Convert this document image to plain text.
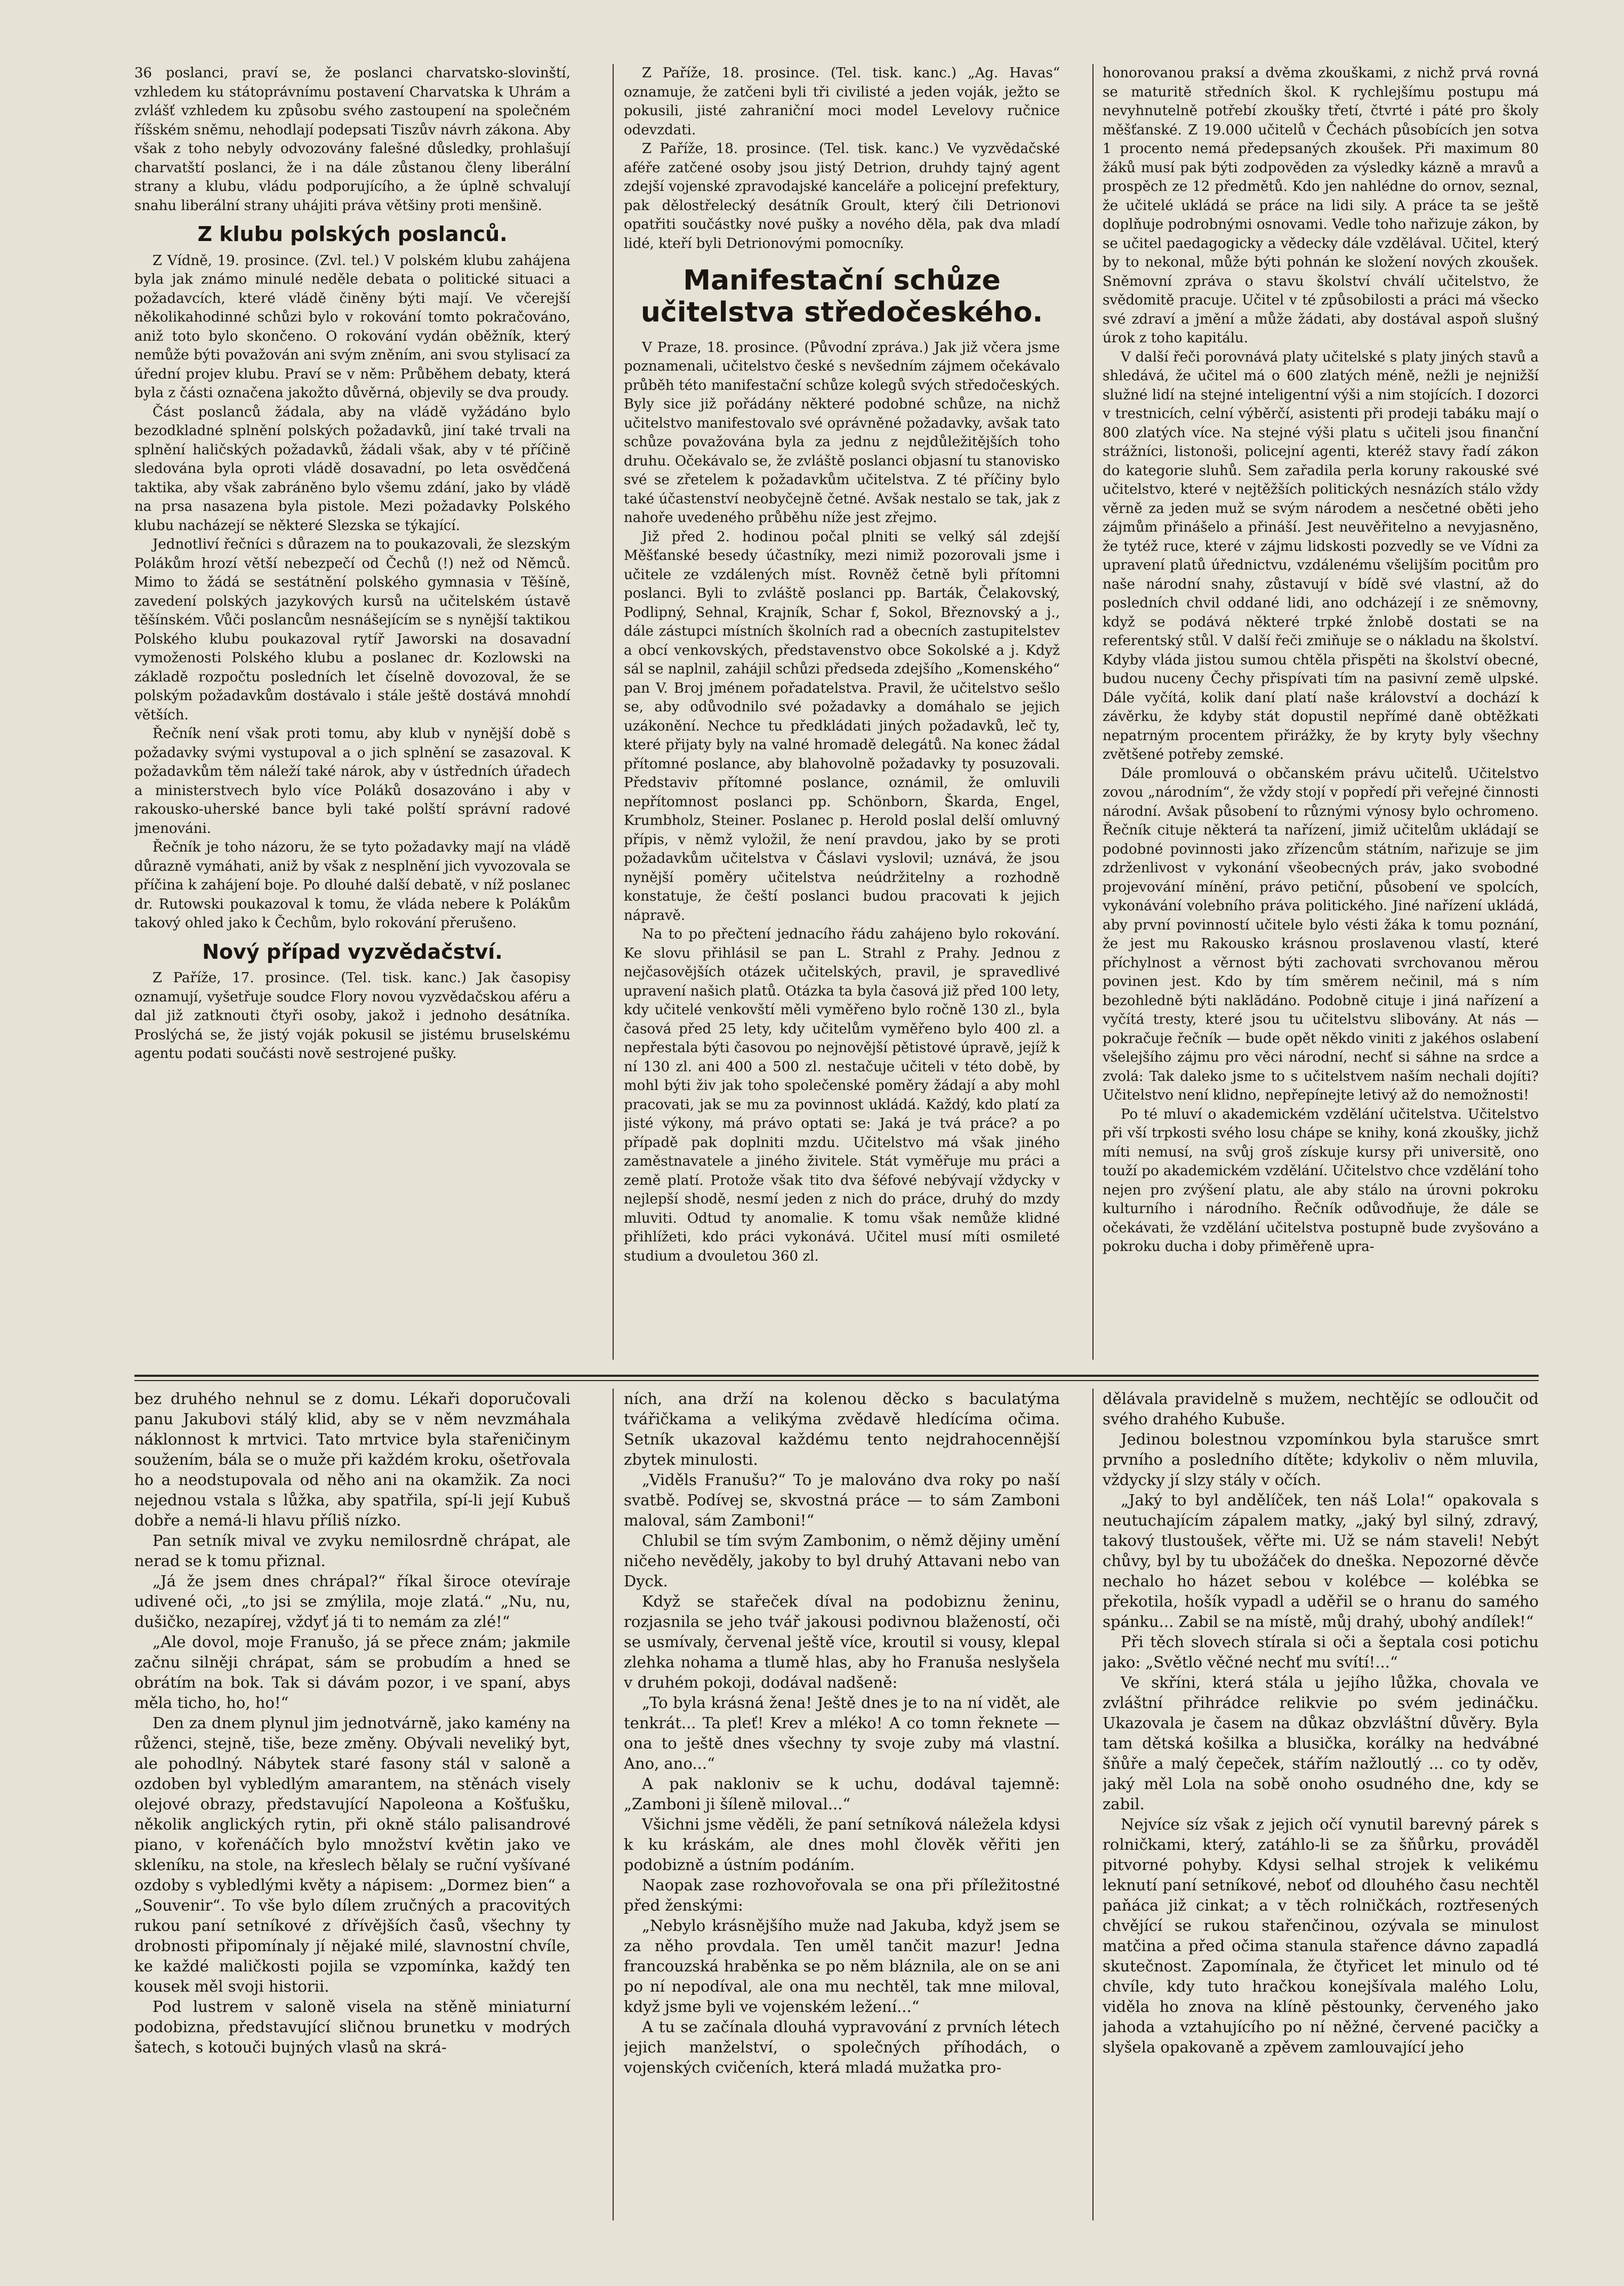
36 poslanci, praví se, že poslanci charvatsko-slovinští, vzhledem ku státoprávnímu postavení Charvatska k Uhrám a zvlášť vzhledem ku způsobu svého zastoupení na společném říšském sněmu, nehodlají podepsati Tiszův návrh zákona. Aby však z toho nebyly odvozovány falešné důsledky, prohlašují charvatští poslanci, že i na dále zůstanou členy liberální strany a klubu, vládu podporujícího, a že úplně schvalují snahu liberální strany uhájiti práva většiny proti menšině.

Z klubu polských poslanců.

Z Vídně, 19. prosince. (Zvl. tel.) V polském klubu zahájena byla jak známo minulé neděle debata o politické situaci a požadavcích, které vládě činěny býti mají. Ve včerejší několikahodinné schůzi bylo v rokování tomto pokračováno, aniž toto bylo skončeno. O rokování vydán oběžník, který nemůže býti považován ani svým zněním, ani svou stylisací za úřední projev klubu. Praví se v něm: Průběhem debaty, která byla z části označena jakožto důvěrná, objevily se dva proudy.

Část poslanců žádala, aby na vládě vyžádáno bylo bezodkladné splnění polských požadavků, jiní také trvali na splnění haličských požadavků, žádali však, aby v té příčině sledována byla oproti vládě dosavadní, po leta osvědčená taktika, aby však zabráněno bylo všemu zdání, jako by vládě na prsa nasazena byla pistole. Mezi požadavky Polského klubu nacházejí se některé Slezska se týkající.

Jednotliví řečníci s důrazem na to poukazovali, že slezským Polákům hrozí větší nebezpečí od Čechů (!) než od Němců. Mimo to žádá se sestátnění polského gymnasia v Těšíně, zavedení polských jazykových kursů na učitelském ústavě těšínském. Vůči poslancům nesnášejícím se s nynější taktikou Polského klubu poukazoval rytíř Jaworski na dosavadní vymoženosti Polského klubu a poslanec dr. Kozlowski na základě rozpočtu posledních let číselně dovozoval, že se polským požadavkům dostávalo i stále ještě dostává mnohdí větších.

Řečník není však proti tomu, aby klub v nynější době s požadavky svými vystupoval a o jich splnění se zasazoval. K požadavkům těm náleží také nárok, aby v ústředních úřadech a ministerstvech bylo více Poláků dosazováno i aby v rakousko-uherské bance byli také polští správní radové jmenováni.

Řečník je toho názoru, že se tyto požadavky mají na vládě důrazně vymáhati, aniž by však z nesplnění jich vyvozovala se příčina k zahájení boje. Po dlouhé další debatě, v níž poslanec dr. Rutowski poukazoval k tomu, že vláda nebere k Polákům takový ohled jako k Čechům, bylo rokování přerušeno.

Nový případ vyzvědačství.

Z Paříže, 17. prosince. (Tel. tisk. kanc.) Jak časopisy oznamují, vyšetřuje soudce Flory novou vyzvědačskou aféru a dal již zatknouti čtyři osoby, jakož i jednoho desátníka. Proslýchá se, že jistý voják pokusil se jistému bruselskému agentu podati součásti nově sestrojené pušky.

Z Paříže, 18. prosince. (Tel. tisk. kanc.) „Ag. Havas“ oznamuje, že zatčeni byli tři civilisté a jeden voják, ježto se pokusili, jisté zahraniční moci model Levelovy ručnice odevzdati.

Z Paříže, 18. prosince. (Tel. tisk. kanc.) Ve vyzvědačské aféře zatčené osoby jsou jistý Detrion, druhdy tajný agent zdejší vojenské zpravodajské kanceláře a policejní prefektury, pak dělostřelecký desátník Groult, který čili Detrionovi opatřiti součástky nové pušky a nového děla, pak dva mladí lidé, kteří byli Detrionovými pomocníky.

Manifestační schůze učitelstva středočeského.

V Praze, 18. prosince. (Původní zpráva.) Jak již včera jsme poznamenali, učitelstvo české s nevšedním zájmem očekávalo průběh této manifestační schůze kolegů svých středočeských. Byly sice již pořádány některé podobné schůze, na nichž učitelstvo manifestovalo své oprávněné požadavky, avšak tato schůze považována byla za jednu z nejdůležitějších toho druhu. Očekávalo se, že zvláště poslanci objasní tu stanovisko své se zřetelem k požadavkům učitelstva. Z té příčiny bylo také účastenství neobyčejně četné. Avšak nestalo se tak, jak z nahoře uvedeného průběhu níže jest zřejmo.

Již před 2. hodinou počal plniti se velký sál zdejší Měšťanské besedy účastníky, mezi nimiž pozorovali jsme i učitele ze vzdálených míst. Rovněž četně byli přítomni poslanci. Byli to zvláště poslanci pp. Barták, Čelakovský, Podlipný, Sehnal, Krajník, Schar f, Sokol, Březnovský a j., dále zástupci místních školních rad a obecních zastupitelstev a obcí venkovských, představenstvo obce Sokolské a j. Když sál se naplnil, zahájil schůzi předseda zdejšího „Komenského“ pan V. Broj jménem pořadatelstva. Pravil, že učitelstvo sešlo se, aby odůvodnilo své požadavky a domáhalo se jejich uzákonění. Nechce tu předkládati jiných požadavků, leč ty, které přijaty byly na valné hromadě delegátů. Na konec žádal přítomné poslance, aby blahovolně požadavky ty posuzovali. Představiv přítomné poslance, oznámil, že omluvili nepřítomnost poslanci pp. Schönborn, Škarda, Engel, Krumbholz, Steiner. Poslanec p. Herold poslal delší omluvný přípis, v němž vyložil, že není pravdou, jako by se proti požadavkům učitelstva v Čáslavi vyslovil; uznává, že jsou nynější poměry učitelstva neúdržitelny a rozhodně konstatuje, že čeští poslanci budou pracovati k jejich nápravě.

Na to po přečtení jednacího řádu zahájeno bylo rokování. Ke slovu přihlásil se pan L. Strahl z Prahy. Jednou z nejčasovějších otázek učitelských, pravil, je spravedlivé upravení našich platů. Otázka ta byla časová již před 100 lety, kdy učitelé venkovští měli vyměřeno bylo ročně 130 zl., byla časová před 25 lety, kdy učitelům vyměřeno bylo 400 zl. a nepřestala býti časovou po nejnovější pětistové úpravě, jejíž k ní 130 zl. ani 400 a 500 zl. nestačuje učiteli v této době, by mohl býti živ jak toho společenské poměry žádají a aby mohl pracovati, jak se mu za povinnost ukládá. Každý, kdo platí za jisté výkony, má právo optati se: Jaká je tvá práce? a po případě pak doplniti mzdu. Učitelstvo má však jiného zaměstnavatele a jiného živitele. Stát vyměřuje mu práci a země platí. Protože však tito dva šéfové nebývají vždycky v nejlepší shodě, nesmí jeden z nich do práce, druhý do mzdy mluviti. Odtud ty anomalie. K tomu však nemůže klidné přihlížeti, kdo práci vykonává. Učitel musí míti osmileté studium a dvouletou 360 zl.

honorovanou praksí a dvěma zkouškami, z nichž prvá rovná se maturitě středních škol. K rychlejšímu postupu má nevyhnutelně potřebí zkoušky třetí, čtvrté i páté pro školy měšťanské. Z 19.000 učitelů v Čechách působících jen sotva 1 procento nemá předepsaných zkoušek. Při maximum 80 žáků musí pak býti zodpověden za výsledky kázně a mravů a prospěch ze 12 předmětů. Kdo jen nahlédne do ornov, seznal, že učitelé ukládá se práce na lidi sily. A práce ta se ještě doplňuje podrobnými osnovami. Vedle toho nařizuje zákon, by se učitel paedagogicky a vědecky dále vzdělával. Učitel, který by to nekonal, může býti pohnán ke složení nových zkoušek. Sněmovní zpráva o stavu školství chválí učitelstvo, že svědomitě pracuje. Učitel v té způsobilosti a práci má všecko své zdraví a jmění a může žádati, aby dostával aspoň slušný úrok z toho kapitálu.

V další řeči porovnává platy učitelské s platy jiných stavů a shledává, že učitel má o 600 zlatých méně, nežli je nejnižší služné lidí na stejné inteligentní výši a nim stojících. I dozorci v trestnicích, celní výběrčí, asistenti při prodeji tabáku mají o 800 zlatých více. Na stejné výši platu s učiteli jsou finanční strážníci, listonoši, policejní agenti, kteréž stavy řadí zákon do kategorie sluhů. Sem zařadila perla koruny rakouské své učitelstvo, které v nejtěžších politických nesnázích stálo vždy věrně za jeden muž se svým národem a nesčetné oběti jeho zájmům přinášelo a přináší. Jest neuvěřitelno a nevyjasněno, že tytéž ruce, které v zájmu lidskosti pozvedly se ve Vídni za upravení platů úřednictvu, vzdálenému všelijším pocitům pro naše národní snahy, zůstavují v bídě své vlastní, až do posledních chvil oddané lidi, ano odcházejí i ze sněmovny, když se podává některé trpké žnlobě dostati se na referentský stůl. V další řeči zmiňuje se o nákladu na školství. Kdyby vláda jistou sumou chtěla přispěti na školství obecné, budou nuceny Čechy přispívati tím na pasivní země ulpské. Dále vyčítá, kolik daní platí naše království a dochází k závěrku, že kdyby stát dopustil nepřímé daně obtěžkati nepatrným procentem přirážky, že by kryty byly všechny zvětšené potřeby zemské.

Dále promlouvá o občanském právu učitelů. Učitelstvo zovou „národním“, že vždy stojí v popředí při veřejné činnosti národní. Avšak působení to různými výnosy bylo ochromeno. Řečník cituje některá ta nařízení, jimiž učitelům ukládají se podobné povinnosti jako zřízencům státním, nařizuje se jim zdrženlivost v vykonání všeobecných práv, jako svobodné projevování mínění, právo petiční, působení ve spolcích, vykonávání volebního práva politického. Jiné nařízení ukládá, aby první povinností učitele bylo vésti žáka k tomu poznání, že jest mu Rakousko krásnou proslavenou vlastí, které příchylnost a věrnost býti zachovati svrchovanou měrou povinen jest. Kdo by tím směrem nečinil, má s ním bezohledně býti naklădáno. Podobně cituje i jiná nařízení a vyčítá tresty, které jsou tu učitelstvu slibovány. At nás — pokračuje řečník — bude opět někdo viniti z jakéhos oslabení všelejšího zájmu pro věci národní, nechť si sáhne na srdce a zvolá: Tak daleko jsme to s učitelstvem naším nechali dojíti? Učitelstvo není klidno, nepřepínejte letivý až do nemožnosti!

Po té mluví o akademickém vzdělání učitelstva. Učitelstvo při vší trpkosti svého losu chápe se knihy, koná zkoušky, jichž míti nemusí, na svůj groš získuje kursy při universitě, ono touží po akademickém vzdělání. Učitelstvo chce vzdělání toho nejen pro zvýšení platu, ale aby stálo na úrovni pokroku kulturního i národního. Řečník odůvodňuje, že dále se očekávati, že vzdělání učitelstva postupně bude zvyšováno a pokroku ducha i doby přiměřeně upra-

bez druhého nehnul se z domu. Lékaři doporučovali panu Jakubovi stálý klid, aby se v něm nevzmáhala náklonnost k mrtvici. Tato mrtvice byla stařeničinym soužením, bála se o muže při každém kroku, ošetřovala ho a neodstupovala od něho ani na okamžik. Za noci nejednou vstala s lůžka, aby spatřila, spí-li její Kubuš dobře a nemá-li hlavu příliš nízko.

Pan setník mival ve zvyku nemilosrdně chrápat, ale nerad se k tomu přiznal.

„Já že jsem dnes chrápal?“ říkal široce otevíraje udivené oči, „to jsi se zmýlila, moje zlatá.“ „Nu, nu, dušičko, nezapírej, vždyť já ti to nemám za zlé!“

„Ale dovol, moje Franušo, já se přece znám; jakmile začnu silněji chrápat, sám se probudím a hned se obrátím na bok. Tak si dávám pozor, i ve spaní, abys měla ticho, ho, ho!“

Den za dnem plynul jim jednotvárně, jako kamény na růženci, stejně, tiše, beze změny. Obývali neveliký byt, ale pohodlný. Nábytek staré fasony stál v saloně a ozdoben byl vybledlým amarantem, na stěnách visely olejové obrazy, představující Napoleona a Košťušku, několik anglických rytin, při okně stálo palisandrové piano, v kořenáčích bylo množství květin jako ve skleníku, na stole, na křeslech bělaly se ruční vyšívané ozdoby s vybledlými květy a nápisem: „Dormez bien“ a „Souvenir“. To vše bylo dílem zručných a pracovitých rukou paní setníkové z dřívějších časů, všechny ty drobnosti připomínaly jí nějaké milé, slavnostní chvíle, ke každé maličkosti pojila se vzpomínka, každý ten kousek měl svoji historii.

Pod lustrem v saloně visela na stěně miniaturní podobizna, představující sličnou brunetku v modrých šatech, s kotouči bujných vlasů na skrá-

ních, ana drží na kolenou děcko s baculatýma tvářičkama a velikýma zvědavě hledícíma očima. Setník ukazoval každému tento nejdrahocennější zbytek minulosti.

„Viděls Franušu?“ To je malováno dva roky po naší svatbě. Podívej se, skvostná práce — to sám Zamboni maloval, sám Zamboni!“

Chlubil se tím svým Zambonim, o němž dějiny umění ničeho nevěděly, jakoby to byl druhý Attavani nebo van Dyck.

Když se stařeček díval na podobiznu ženinu, rozjasnila se jeho tvář jakousi podivnou blažeností, oči se usmívaly, červenal ještě více, kroutil si vousy, klepal zlehka nohama a tlumě hlas, aby ho Franuša neslyšela v druhém pokoji, dodával nadšeně:

„To byla krásná žena! Ještě dnes je to na ní vidět, ale tenkrát... Ta pleť! Krev a mléko! A co tomn řeknete — ona to ještě dnes všechny ty svoje zuby má vlastní. Ano, ano...“

A pak nakloniv se k uchu, dodával tajemně: „Zamboni ji šíleně miloval...“

Všichni jsme věděli, že paní setníková náležela kdysi k ku kráskám, ale dnes mohl člověk věřiti jen podobizně a ústním podáním.

Naopak zase rozhovořovala se ona při příležitostné před ženskými:

„Nebylo krásnějšího muže nad Jakuba, když jsem se za něho provdala. Ten uměl tančit mazur! Jedna francouzská hraběnka se po něm bláznila, ale on se ani po ní nepodíval, ale ona mu nechtěl, tak mne miloval, když jsme byli ve vojenském ležení...“

A tu se začínala dlouhá vypravování z prvních létech jejich manželství, o společných příhodách, o vojenských cvičeních, která mladá mužatka pro-

dělávala pravidelně s mužem, nechtějíc se odloučit od svého drahého Kubuše.

Jedinou bolestnou vzpomínkou byla starušce smrt prvního a posledního dítěte; kdykoliv o něm mluvila, vždycky jí slzy stály v očích.

„Jaký to byl andělíček, ten náš Lola!“ opakovala s neutuchajícím zápalem matky, „jaký byl silný, zdravý, takový tlustoušek, věřte mi. Už se nám staveli! Nebýt chůvy, byl by tu ubožáček do dneška. Nepozorné děvče nechalo ho házet sebou v kolébce — kolébka se překotila, hošík vypadl a uděřil se o hranu do samého spánku... Zabil se na místě, můj drahý, ubohý andílek!“

Při těch slovech stírala si oči a šeptala cosi potichu jako: „Světlo věčné nechť mu svítí!...“

Ve skříni, která stála u jejího lůžka, chovala ve zvláštní přihrádce relikvie po svém jedináčku. Ukazovala je časem na důkaz obzvláštní důvěry. Byla tam dětská košilka a blusička, korálky na hedvábné šňůře a malý čepeček, stářím nažloutlý ... co ty oděv, jaký měl Lola na sobě onoho osudného dne, kdy se zabil.

Nejvíce síz však z jejich očí vynutil barevný párek s rolničkami, který, zatáhlo-li se za šňůrku, prováděl pitvorné pohyby. Kdysi selhal strojek k velikému leknutí paní setníkové, neboť od dlouhého času nechtěl paňáca již cinkat; a v těch rolničkách, roztřesených chvějící se rukou stařenčinou, ozývala se minulost matčina a před očima stanula stařence dávno zapadlá skutečnost. Zapomínala, že čtyřicet let minulo od té chvíle, kdy tuto hračkou konejšívala malého Lolu, viděla ho znova na klíně pěstounky, červeného jako jahoda a vztahujícího po ní něžné, červené pacičky a slyšela opakovaně a zpěvem zamlouvající jeho
